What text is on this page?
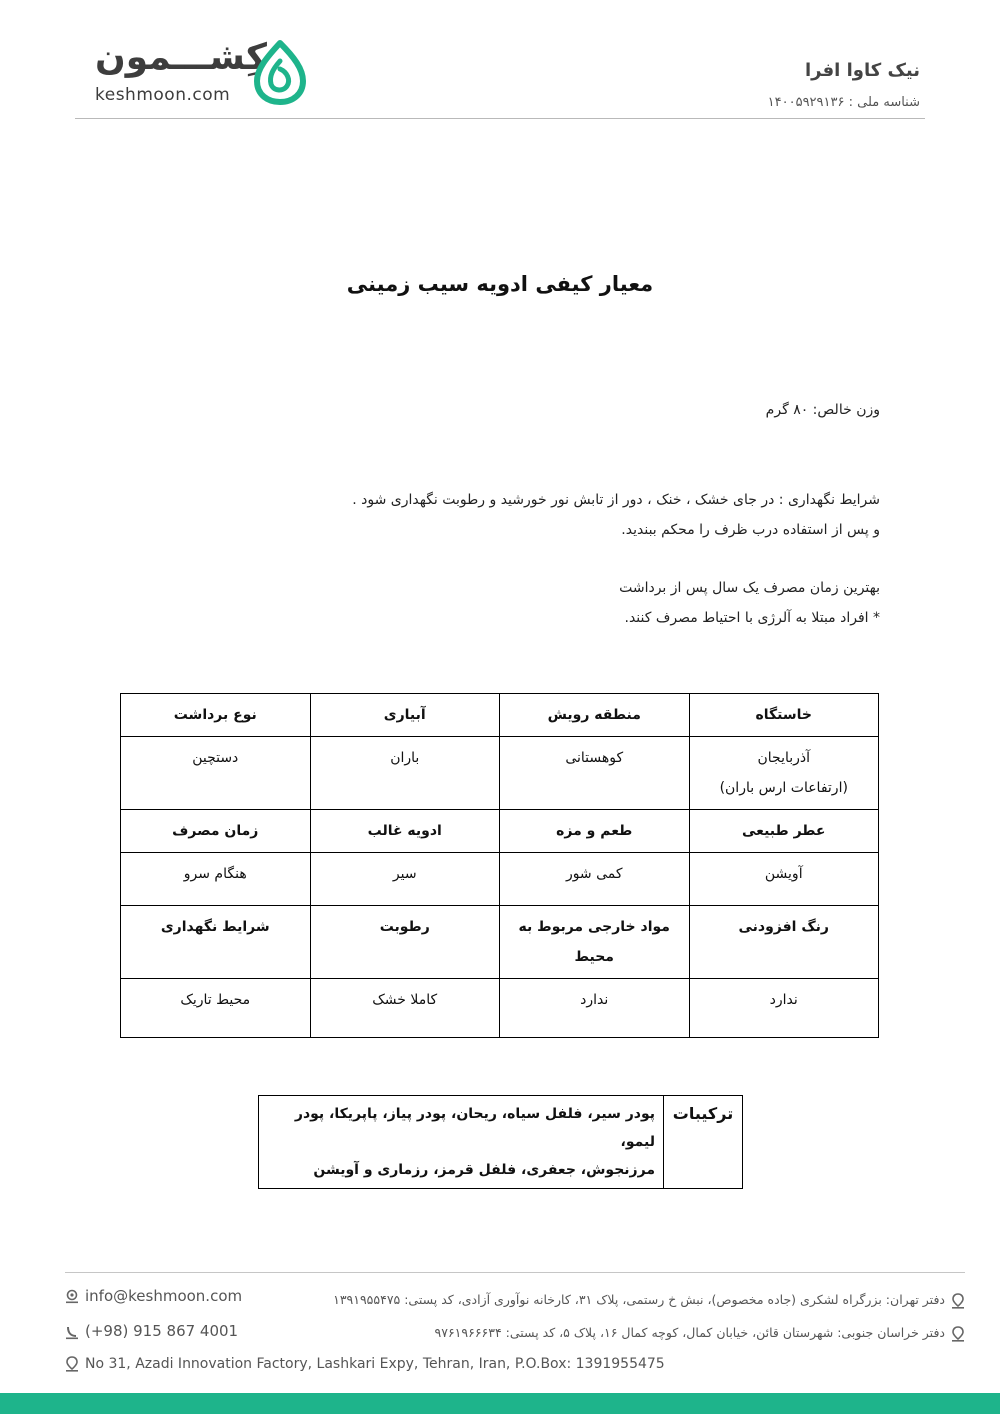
نیک کاوا افرا
شناسه ملی : ۱۴۰۰۵۹۲۹۱۳۶
کِشـــمون
keshmoon.com
معیار کیفی ادویه سیب زمینی
وزن خالص: ۸۰ گرم
شرایط نگهداری : در جای خشک ، خنک ، دور از تابش نور خورشید و رطوبت نگهداری شود .
و پس از استفاده درب ظرف را محکم ببندید.
بهترین زمان مصرف یک سال پس از برداشت
* افراد مبتلا به آلرژی با احتیاط مصرف کنند.
خاستگاه	منطقه رویش	آبیاری	نوع برداشت

آذربایجان
(ارتفاعات ارس باران)	کوهستانی	باران	دستچین

عطر طبیعی	طعم و مزه	ادویه غالب	زمان مصرف

آویشن	کمی شور	سیر	هنگام سرو

رنگ افزودنی	مواد خارجی مربوط به محیط	رطوبت	شرایط نگهداری

ندارد	ندارد	کاملا خشک	محیط تاریک
ترکیبات	
پودر سیر، فلفل سیاه، ریحان، پودر پیاز، پاپریکا، پودر لیمو،
مرزنجوش، جعفری، فلفل قرمز، رزماری و آویشن
info@keshmoon.com
(+98) 915 867 4001
No 31, Azadi Innovation Factory, Lashkari Expy, Tehran, Iran, P.O.Box: 1391955475
دفتر تهران: بزرگراه لشکری (جاده مخصوص)، نبش خ رستمی، پلاک ۳۱، کارخانه نوآوری آزادی، کد پستی: ۱۳۹۱۹۵۵۴۷۵
دفتر خراسان جنوبی: شهرستان قائن، خیابان کمال، کوچه کمال ۱۶، پلاک ۵، کد پستی: ۹۷۶۱۹۶۶۶۳۴
